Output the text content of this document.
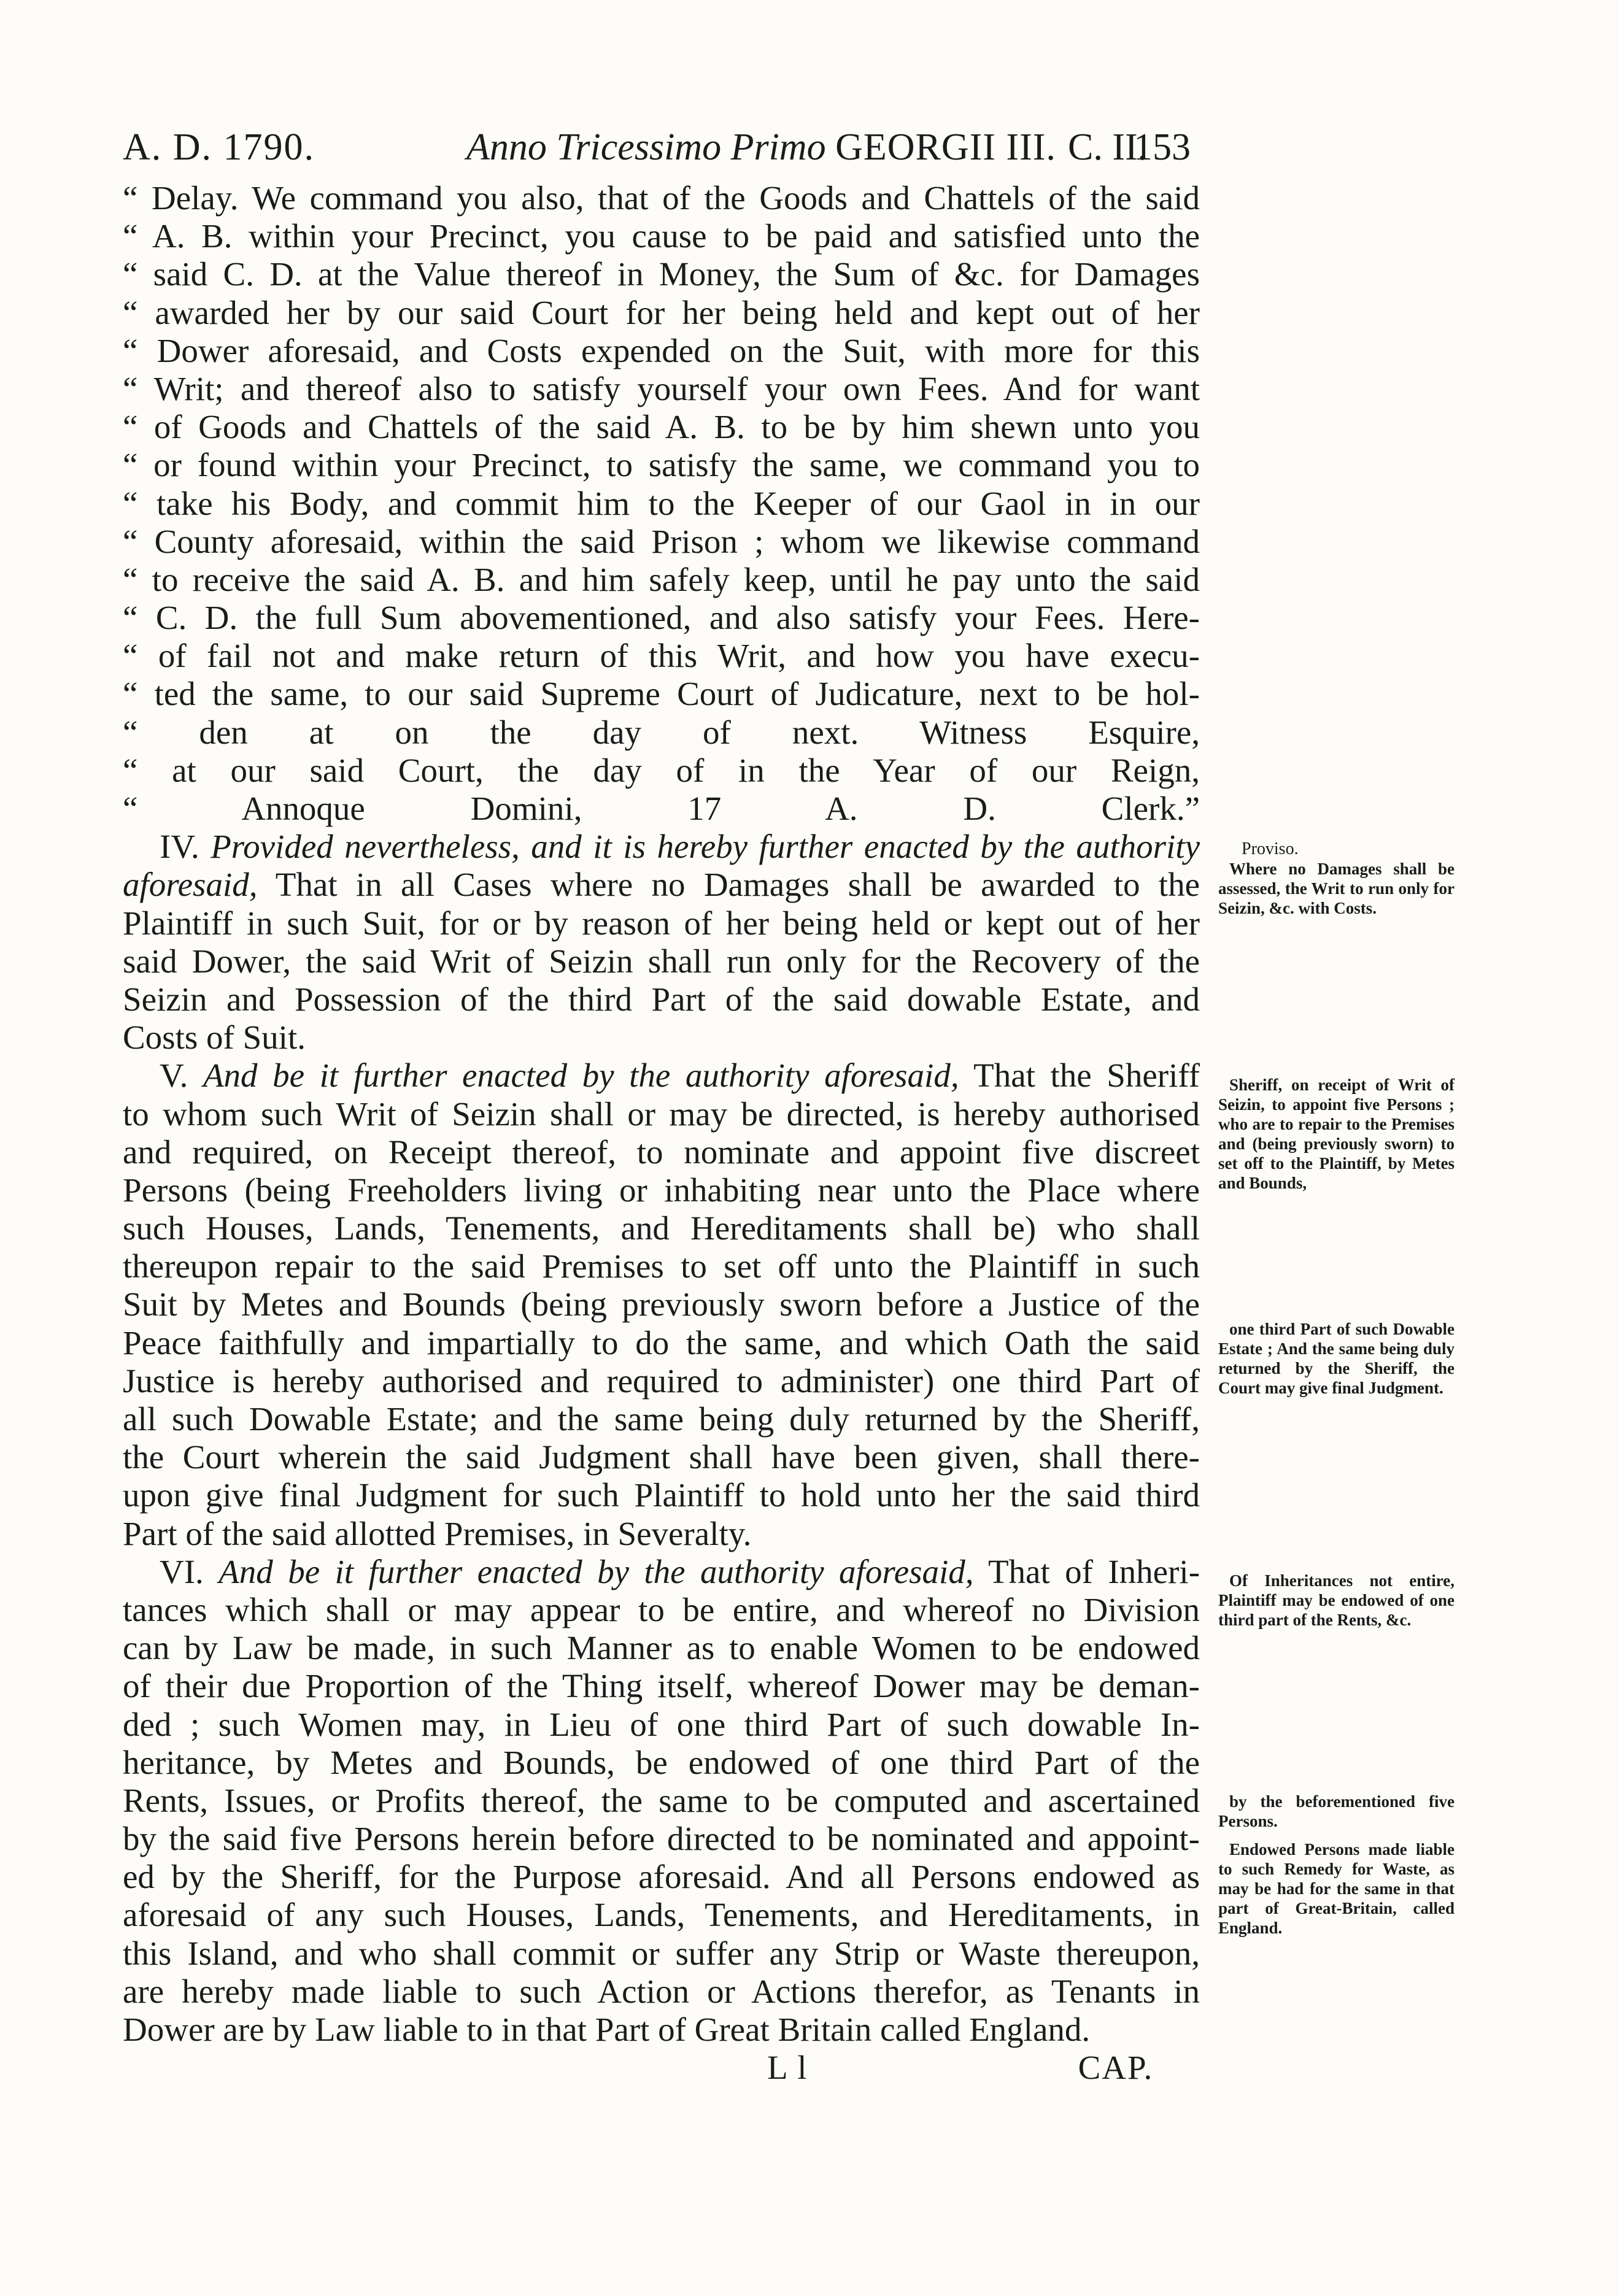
A. D. 1790.	Anno Tricessimo Primo GEORGII III. C. II.
153
“ Delay. We command you also, that of the Goods and Chattels of the said
“ A. B. within your Precinct, you cause to be paid and satisfied unto the
“ said C. D. at the Value thereof in Money, the Sum of &c. for Damages
“ awarded her by our said Court for her being held and kept out of her
“ Dower aforesaid, and Costs expended on the Suit, with more for this
“ Writ; and thereof also to satisfy yourself your own Fees. And for want
“ of Goods and Chattels of the said A. B. to be by him shewn unto you
“ or found within your Precinct, to satisfy the same, we command you to
“ take his Body, and commit him to the Keeper of our Gaol in in our
“ County aforesaid, within the said Prison ; whom we likewise command
“ to receive the said A. B. and him safely keep, until he pay unto the said
“ C. D. the full Sum abovementioned, and also satisfy your Fees. Here-
“ of fail not and make return of this Writ, and how you have execu-
“ ted the same, to our said Supreme Court of Judicature, next to be hol-
“ den at on the day of next. Witness Esquire,
“ at our said Court, the day of in the Year of our Reign,
“ Annoque Domini, 17 A. D. Clerk.”
IV. Provided nevertheless, and it is hereby further enacted by the authority
aforesaid, That in all Cases where no Damages shall be awarded to the
Plaintiff in such Suit, for or by reason of her being held or kept out of her
said Dower, the said Writ of Seizin shall run only for the Recovery of the
Seizin and Possession of the third Part of the said dowable Estate, and
Costs of Suit.
V. And be it further enacted by the authority aforesaid, That the Sheriff
to whom such Writ of Seizin shall or may be directed, is hereby authorised
and required, on Receipt thereof, to nominate and appoint five discreet
Persons (being Freeholders living or inhabiting near unto the Place where
such Houses, Lands, Tenements, and Hereditaments shall be) who shall
thereupon repair to the said Premises to set off unto the Plaintiff in such
Suit by Metes and Bounds (being previously sworn before a Justice of the
Peace faithfully and impartially to do the same, and which Oath the said
Justice is hereby authorised and required to administer) one third Part of
all such Dowable Estate; and the same being duly returned by the Sheriff,
the Court wherein the said Judgment shall have been given, shall there-
upon give final Judgment for such Plaintiff to hold unto her the said third
Part of the said allotted Premises, in Severalty.
VI. And be it further enacted by the authority aforesaid, That of Inheri-
tances which shall or may appear to be entire, and whereof no Division
can by Law be made, in such Manner as to enable Women to be endowed
of their due Proportion of the Thing itself, whereof Dower may be deman-
ded ; such Women may, in Lieu of one third Part of such dowable In-
heritance, by Metes and Bounds, be endowed of one third Part of the
Rents, Issues, or Profits thereof, the same to be computed and ascertained
by the said five Persons herein before directed to be nominated and appoint-
ed by the Sheriff, for the Purpose aforesaid. And all Persons endowed as
aforesaid of any such Houses, Lands, Tenements, and Hereditaments, in
this Island, and who shall commit or suffer any Strip or Waste thereupon,
are hereby made liable to such Action or Actions therefor, as Tenants in
Dower are by Law liable to in that Part of Great Britain called England.
L l	CAP.

Proviso.

Where no Damages shall be assessed, the Writ to run only for Seizin, &c. with Costs.

Sheriff, on receipt of Writ of Seizin, to appoint five Persons ; who are to repair to the Premises and (being previously sworn) to set off to the Plaintiff, by Metes and Bounds,

one third Part of such Dowable Estate ; And the same being duly returned by the Sheriff, the Court may give final Judgment.

Of Inheritances not entire, Plaintiff may be endowed of one third part of the Rents, &c.

by the beforementioned five Persons.

Endowed Persons made liable to such Remedy for Waste, as may be had for the same in that part of Great-Britain, called England.
